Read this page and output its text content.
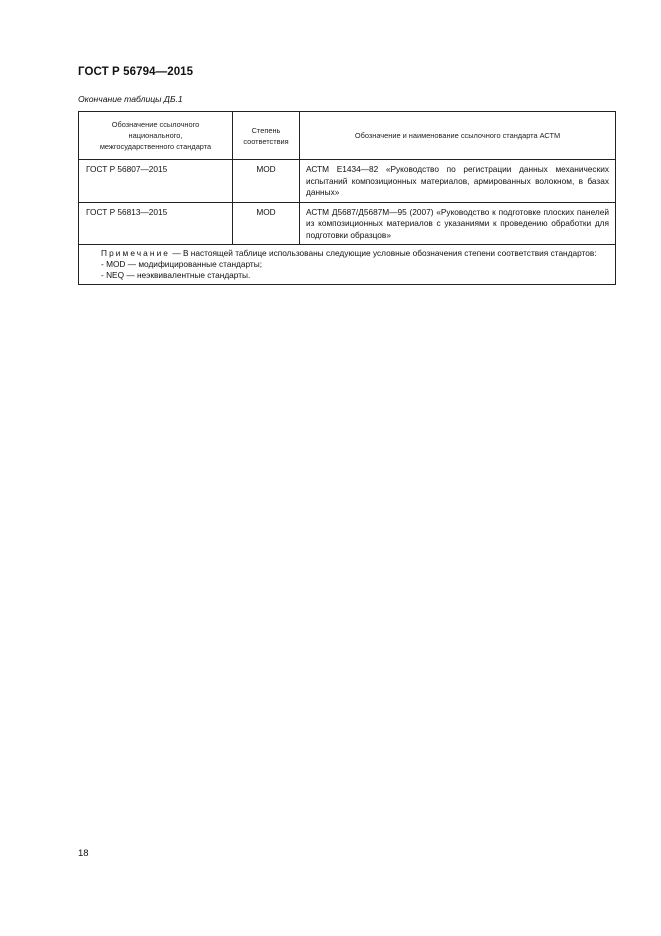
ГОСТ Р 56794—2015
Окончание таблицы ДБ.1
Обозначение ссылочного национального, межгосударственного стандарта	Степень соответствия	Обозначение и наименование ссылочного стандарта АСТМ
ГОСТ Р 56807—2015	MOD	АСТМ Е1434—82 «Руководство по регистрации данных механических испытаний композиционных материалов, армированных волокном, в базах данных»
ГОСТ Р 56813—2015	MOD	АСТМ Д5687/Д5687М—95 (2007) «Руководство к подготовке плоских панелей из композиционных материалов с указаниями к проведению обработки для подготовки образцов»

Примечание — В настоящей таблице использованы следующие условные обозначения степени соответствия стандартов:
- MOD — модифицированные стандарты;
- NEQ — неэквивалентные стандарты.		
18
